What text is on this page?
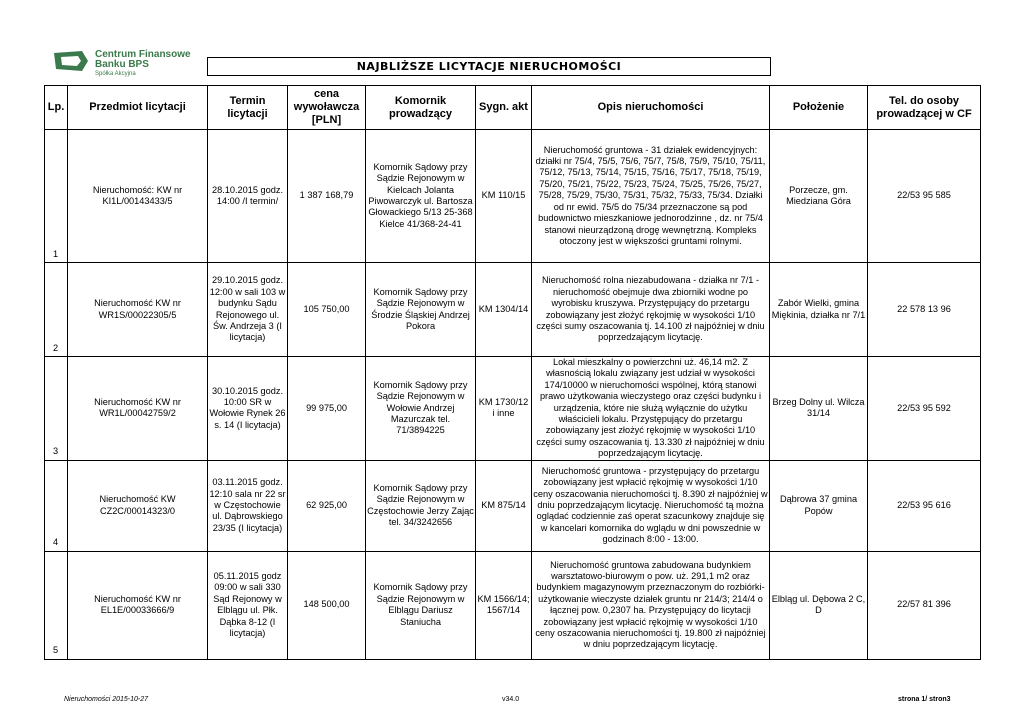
Centrum Finansowe
Banku BPS
Spółka Akcyjna
NAJBLIŻSZE LICYTACJE NIERUCHOMOŚCI
Lp.	Przedmiot licytacji	Termin licytacji	cena wywoławcza [PLN]	Komornik prowadzący	Sygn. akt	Opis nieruchomości	Położenie	Tel. do osoby prowadzącej w CF
1	Nieruchomość: KW nr KI1L/00143433/5	28.10.2015 godz. 14:00 /I termin/	1 387 168,79	Komornik Sądowy przy Sądzie Rejonowym w Kielcach Jolanta Piwowarczyk ul. Bartosza Głowackiego 5/13 25-368 Kielce 41/368-24-41	KM 110/15	Nieruchomość gruntowa - 31 działek ewidencyjnych: działki nr 75/4, 75/5, 75/6, 75/7, 75/8, 75/9, 75/10, 75/11, 75/12, 75/13, 75/14, 75/15, 75/16, 75/17, 75/18, 75/19, 75/20, 75/21, 75/22, 75/23, 75/24, 75/25, 75/26, 75/27, 75/28, 75/29, 75/30, 75/31, 75/32, 75/33, 75/34. Działki od nr ewid. 75/5 do 75/34 przeznaczone są pod budownictwo mieszkaniowe jednorodzinne , dz. nr 75/4 stanowi nieurządzoną drogę wewnętrzną. Kompleks otoczony jest w większości gruntami rolnymi.	Porzecze, gm. Miedziana Góra	22/53 95 585
2	Nieruchomość KW nr WR1S/00022305/5	29.10.2015 godz. 12:00 w sali 103 w budynku Sądu Rejonowego ul. Św. Andrzeja 3 (I licytacja)	105 750,00	Komornik Sądowy przy Sądzie Rejonowym w Środzie Śląskiej Andrzej Pokora	KM 1304/14	Nieruchomość rolna niezabudowana - działka nr 7/1 - nieruchomość obejmuje dwa zbiorniki wodne po wyrobisku kruszywa. Przystępujący do przetargu zobowiązany jest złożyć rękojmię w wysokości 1/10 części sumy oszacowania tj. 14.100 zł najpóźniej w dniu poprzedzającym licytację.	Zabór Wielki, gmina Miękinia, działka nr 7/1	22 578 13 96
3	Nieruchomość KW nr WR1L/00042759/2	30.10.2015 godz. 10:00 SR w Wołowie Rynek 26 s. 14 (I licytacja)	99 975,00	Komornik Sądowy przy Sądzie Rejonowym w Wołowie Andrzej Mazurczak tel. 71/3894225	KM 1730/12 i inne	Lokal mieszkalny o powierzchni uż. 46,14 m2. Z własnością lokalu związany jest udział w wysokości 174/10000 w nieruchomości wspólnej, którą stanowi prawo użytkowania wieczystego oraz części budynku i urządzenia, które nie służą wyłącznie do użytku właścicieli lokalu. Przystępujący do przetargu zobowiązany jest złożyć rękojmię w wysokości 1/10 części sumy oszacowania tj. 13.330 zł najpóźniej w dniu poprzedzającym licytację.	Brzeg Dolny ul. Wilcza 31/14	22/53 95 592
4	Nieruchomość KW CZ2C/00014323/0	03.11.2015 godz. 12:10 sala nr 22 sr w Częstochowie ul. Dąbrowskiego 23/35 (I licytacja)	62 925,00	Komornik Sądowy przy Sądzie Rejonowym w Częstochowie Jerzy Zając tel. 34/3242656	KM 875/14	Nieruchomość gruntowa - przystępujący do przetargu zobowiązany jest wpłacić rękojmię w wysokości 1/10 ceny oszacowania nieruchomości tj. 8.390 zł najpóźniej w dniu poprzedzającym licytację. Nieruchomość tą można oglądać codziennie zaś operat szacunkowy znajduje się w kancelari komornika do wglądu w dni powszednie w godzinach 8:00 - 13:00.	Dąbrowa 37 gmina Popów	22/53 95 616
5	Nieruchomość KW nr EL1E/00033666/9	05.11.2015 godz 09:00 w sali 330 Sąd Rejonowy w Elblągu ul. Płk. Dąbka 8-12 (I licytacja)	148 500,00	Komornik Sądowy przy Sądzie Rejonowym w Elblągu Dariusz Staniucha	KM 1566/14; 1567/14	Nieruchomość gruntowa zabudowana budynkiem warsztatowo-biurowym o pow. uż. 291,1 m2 oraz budynkiem magazynowym przeznaczonym do rozbiórki- użytkowanie wieczyste działek gruntu nr 214/3; 214/4 o łącznej pow. 0,2307 ha. Przystępujący do licytacji zobowiązany jest wpłacić rękojmię w wysokości 1/10 ceny oszacowania nieruchomości tj. 19.800 zł najpóźniej w dniu poprzedzającym licytację.	Elbląg ul. Dębowa 2 C, D	22/57 81 396
Nieruchomości 2015-10-27	v34.0	strona 1/ stron3
